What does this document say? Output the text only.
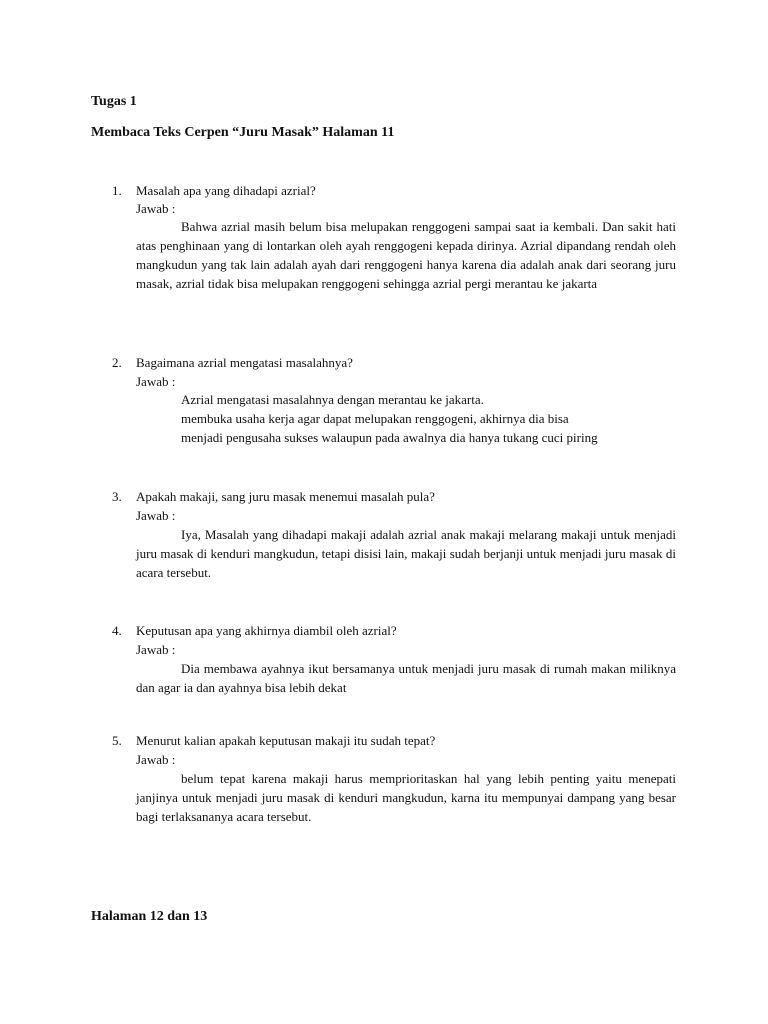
Tugas 1
Membaca Teks Cerpen “Juru Masak” Halaman 11
1. Masalah apa yang dihadapi azrial?
Jawab :

Bahwa azrial masih belum bisa melupakan renggogeni sampai saat ia kembali. Dan sakit hati atas penghinaan yang di lontarkan oleh ayah renggogeni kepada dirinya. Azrial dipandang rendah oleh mangkudun yang tak lain adalah ayah dari renggogeni hanya karena dia adalah anak dari seorang juru masak, azrial tidak bisa melupakan renggogeni sehingga azrial pergi merantau ke jakarta

2. Bagaimana azrial mengatasi masalahnya?
Jawab :
Azrial mengatasi masalahnya dengan merantau ke jakarta.
membuka usaha kerja agar dapat melupakan renggogeni, akhirnya dia bisa
menjadi pengusaha sukses walaupun pada awalnya dia hanya tukang cuci piring
3. Apakah makaji, sang juru masak menemui masalah pula?
Jawab :

Iya, Masalah yang dihadapi makaji adalah azrial anak makaji melarang makaji untuk menjadi juru masak di kenduri mangkudun, tetapi disisi lain, makaji sudah berjanji untuk menjadi juru masak di acara tersebut.

4. Keputusan apa yang akhirnya diambil oleh azrial?
Jawab :

Dia membawa ayahnya ikut bersamanya untuk menjadi juru masak di rumah makan miliknya dan agar ia dan ayahnya bisa lebih dekat

5. Menurut kalian apakah keputusan makaji itu sudah tepat?
Jawab :

belum tepat karena makaji harus memprioritaskan hal yang lebih penting yaitu menepati janjinya untuk menjadi juru masak di kenduri mangkudun, karna itu mempunyai dampang yang besar bagi terlaksananya acara tersebut.

Halaman 12 dan 13
